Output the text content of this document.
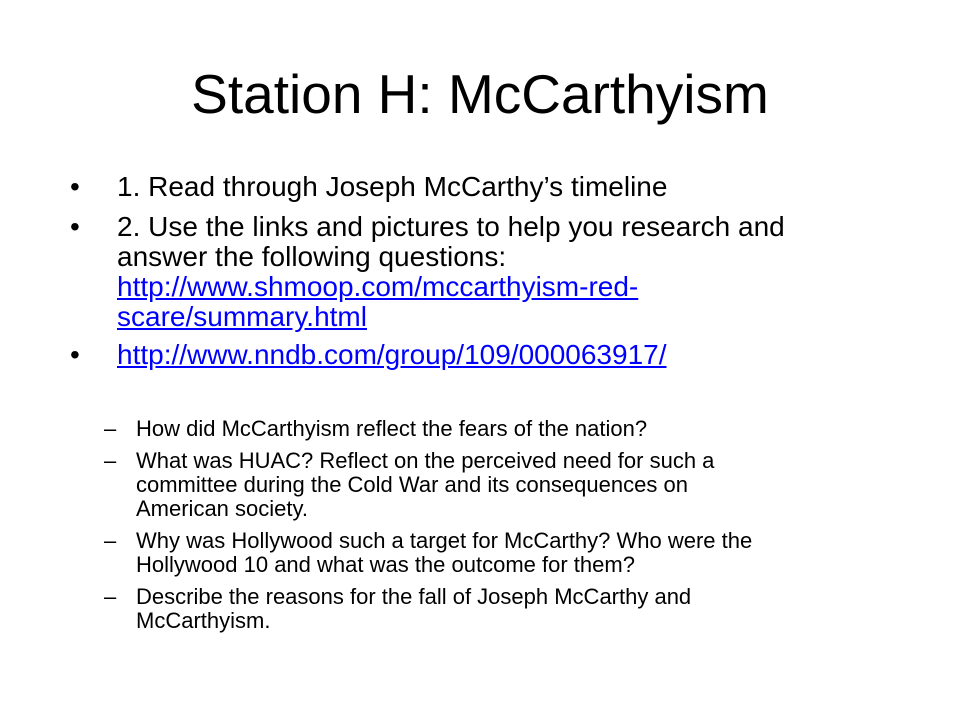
Station H: McCarthyism
•	1. Read through Joseph McCarthy’s timeline
•	2. Use the links and pictures to help you research and
answer the following questions:
http://www.shmoop.com/mccarthyism-red-
scare/summary.html
•	http://www.nndb.com/group/109/000063917/
– How did McCarthyism reflect the fears of the nation?
– What was HUAC? Reflect on the perceived need for such a
committee during the Cold War and its consequences on
American society.
– Why was Hollywood such a target for McCarthy? Who were the
Hollywood 10 and what was the outcome for them?
– Describe the reasons for the fall of Joseph McCarthy and
McCarthyism.
